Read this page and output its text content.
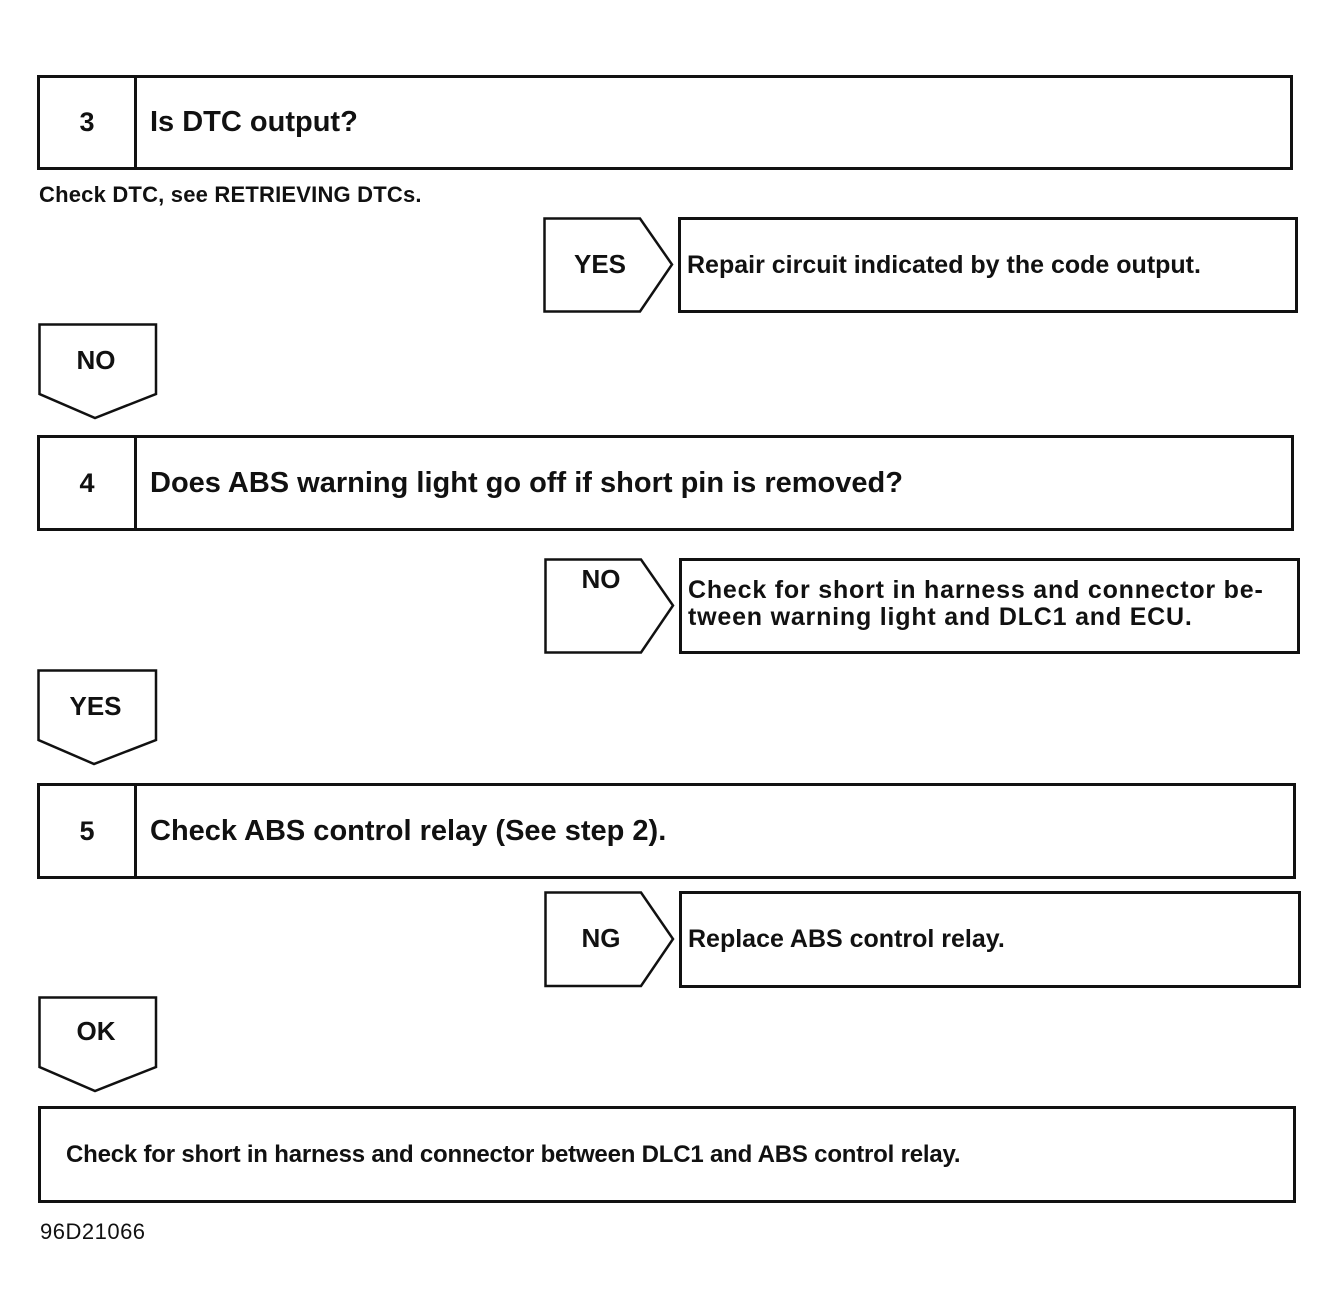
3	Is DTC output?
Check DTC, see RETRIEVING DTCs.
YES	Repair circuit indicated by the code output.
NO
4	Does ABS warning light go off if short pin is removed?
NO	Check for short in harness and connector be-
tween warning light and DLC1 and ECU.
YES
5	Check ABS control relay (See step 2).
NG	Replace ABS control relay.
OK
Check for short in harness and connector between DLC1 and ABS control relay.
96D21066
